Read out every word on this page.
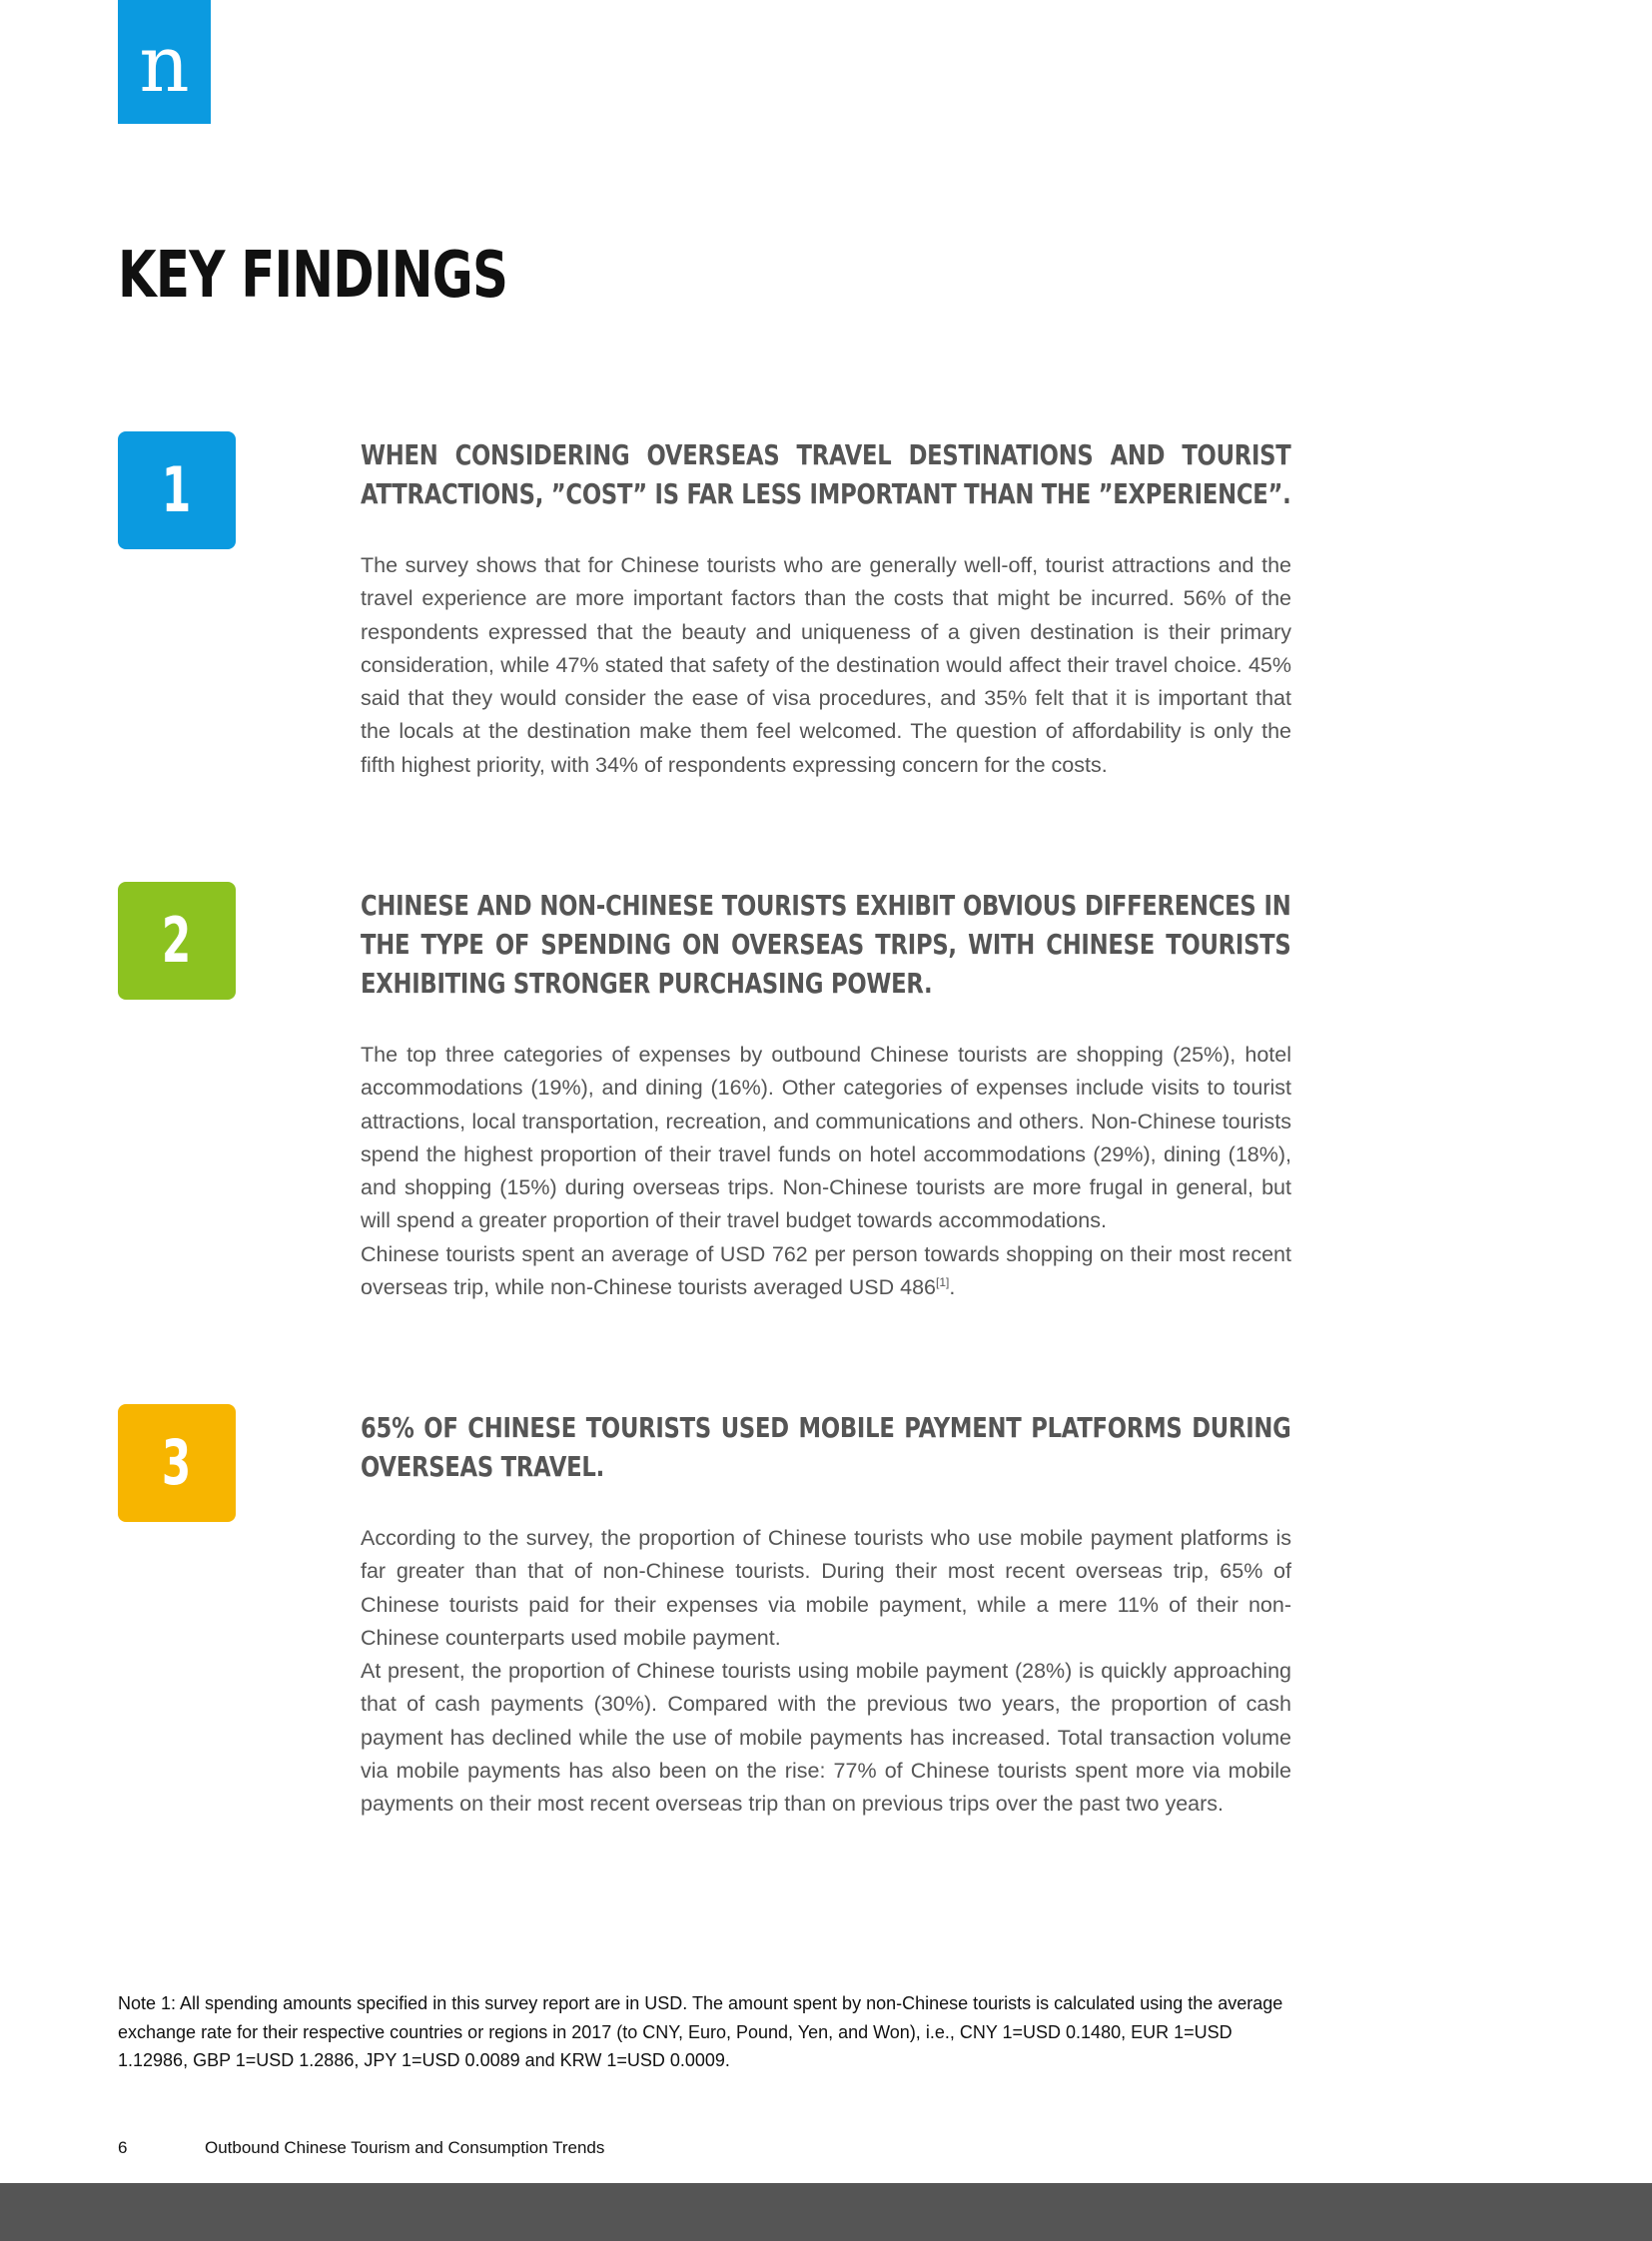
n
KEY FINDINGS
1	WHEN CONSIDERING OVERSEAS TRAVEL DESTINATIONS AND TOURIST ATTRACTIONS, ”COST” IS FAR LESS IMPORTANT THAN THE ”EXPERIENCE”.

The survey shows that for Chinese tourists who are generally well-off, tourist attractions and the travel experience are more important factors than the costs that might be incurred. 56% of the respondents expressed that the beauty and uniqueness of a given destination is their primary consideration, while 47% stated that safety of the destination would affect their travel choice. 45% said that they would consider the ease of visa procedures, and 35% felt that it is important that the locals at the destination make them feel welcomed. The question of affordability is only the fifth highest priority, with 34% of respondents expressing concern for the costs.

2	CHINESE AND NON-CHINESE TOURISTS EXHIBIT OBVIOUS DIFFERENCES IN THE TYPE OF SPENDING ON OVERSEAS TRIPS, WITH CHINESE TOURISTS EXHIBITING STRONGER PURCHASING POWER.

The top three categories of expenses by outbound Chinese tourists are shopping (25%), hotel accommodations (19%), and dining (16%). Other categories of expenses include visits to tourist attractions, local transportation, recreation, and communications and others. Non-Chinese tourists spend the highest proportion of their travel funds on hotel accommodations (29%), dining (18%), and shopping (15%) during overseas trips. Non-Chinese tourists are more frugal in general, but will spend a greater proportion of their travel budget towards accommodations.

Chinese tourists spent an average of USD 762 per person towards shopping on their most recent overseas trip, while non-Chinese tourists averaged USD 486[1].

3	65% OF CHINESE TOURISTS USED MOBILE PAYMENT PLATFORMS DURING OVERSEAS TRAVEL.

According to the survey, the proportion of Chinese tourists who use mobile payment platforms is far greater than that of non-Chinese tourists. During their most recent overseas trip, 65% of Chinese tourists paid for their expenses via mobile payment, while a mere 11% of their non-Chinese counterparts used mobile payment.

At present, the proportion of Chinese tourists using mobile payment (28%) is quickly approaching that of cash payments (30%). Compared with the previous two years, the proportion of cash payment has declined while the use of mobile payments has increased. Total transaction volume via mobile payments has also been on the rise: 77% of Chinese tourists spent more via mobile payments on their most recent overseas trip than on previous trips over the past two years.

Note 1: All spending amounts specified in this survey report are in USD. The amount spent by non-Chinese tourists is calculated using the average exchange rate for their respective countries or regions in 2017 (to CNY, Euro, Pound, Yen, and Won), i.e., CNY 1=USD 0.1480, EUR 1=USD 1.12986, GBP 1=USD 1.2886, JPY 1=USD 0.0089 and KRW 1=USD 0.0009.

6	Outbound Chinese Tourism and Consumption Trends
